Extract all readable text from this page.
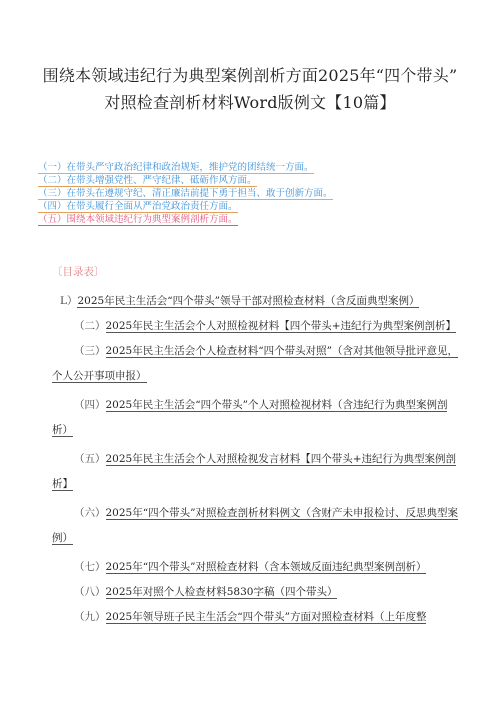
围绕本领域违纪行为典型案例剖析方面2025年“四个带头”
对照检查剖析材料Word版例文【10篇】
（一）在带头严守政治纪律和政治规矩，维护党的团结统一方面。
（二）在带头增强党性、严守纪律、砥砺作风方面。
（三）在带头在遵规守纪、清正廉洁前提下勇于担当、敢于创新方面。
（四）在带头履行全面从严治党政治责任方面。
（五）围绕本领域违纪行为典型案例剖析方面。
〔目录表〕
L）2025年民主生活会“四个带头”领导干部对照检查材料（含反面典型案例）
（二）2025年民主生活会个人对照检视材料【四个带头+违纪行为典型案例剖析】
（三）2025年民主生活会个人检查材料“四个带头对照”（含对其他领导批评意见，个人公开事项申报）
（四）2025年民主生活会“四个带头”个人对照检视材料（含违纪行为典型案例剖析）
（五）2025年民主生活会个人对照检视发言材料【四个带头+违纪行为典型案例剖析】
（六）2025年“四个带头”对照检查剖析材料例文（含财产未申报检讨、反思典型案例）
（七）2025年“四个带头”对照检查材料（含本领域反面违纪典型案例剖析）
（八）2025年对照个人检查材料5830字稿（四个带头）
（九）2025年领导班子民主生活会“四个带头”方面对照检查材料（上年度整
